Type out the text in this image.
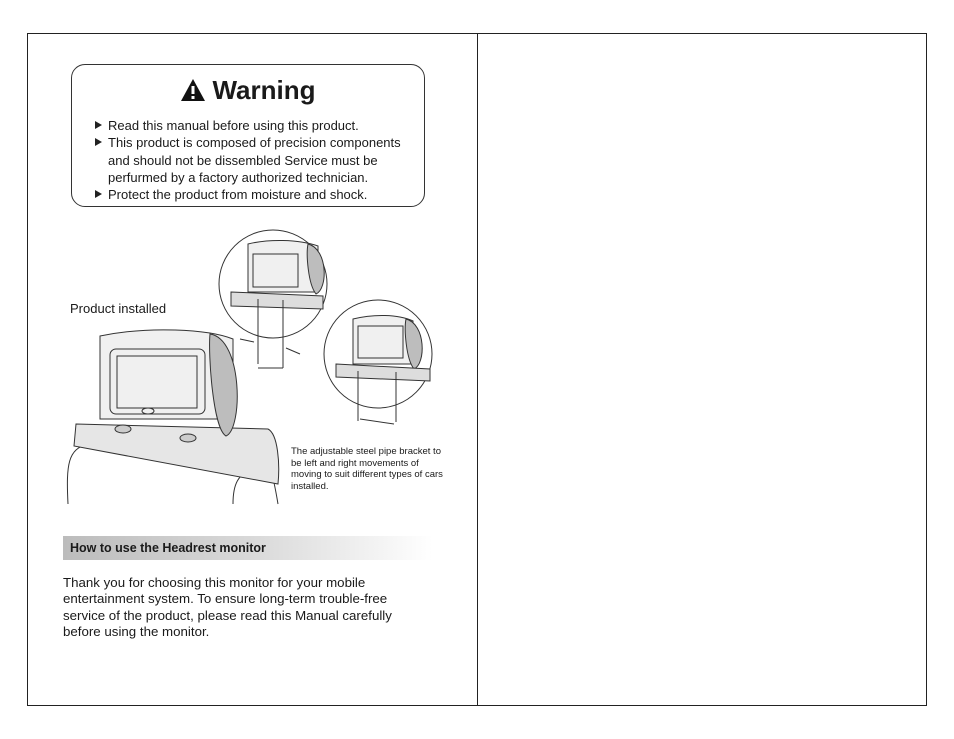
Warning
Read this manual before using this product.
This product is composed of precision components and should not be dissembled Service must be perfurmed by a factory authorized technician.
Protect the product from moisture and shock.
Product installed
The adjustable steel pipe bracket to be left and right movements of moving to suit different types of cars installed.
How to use the Headrest monitor
Thank you for choosing this monitor for your mobile entertainment system. To ensure long-term trouble-free service of the product, please read this Manual carefully before using the monitor.
